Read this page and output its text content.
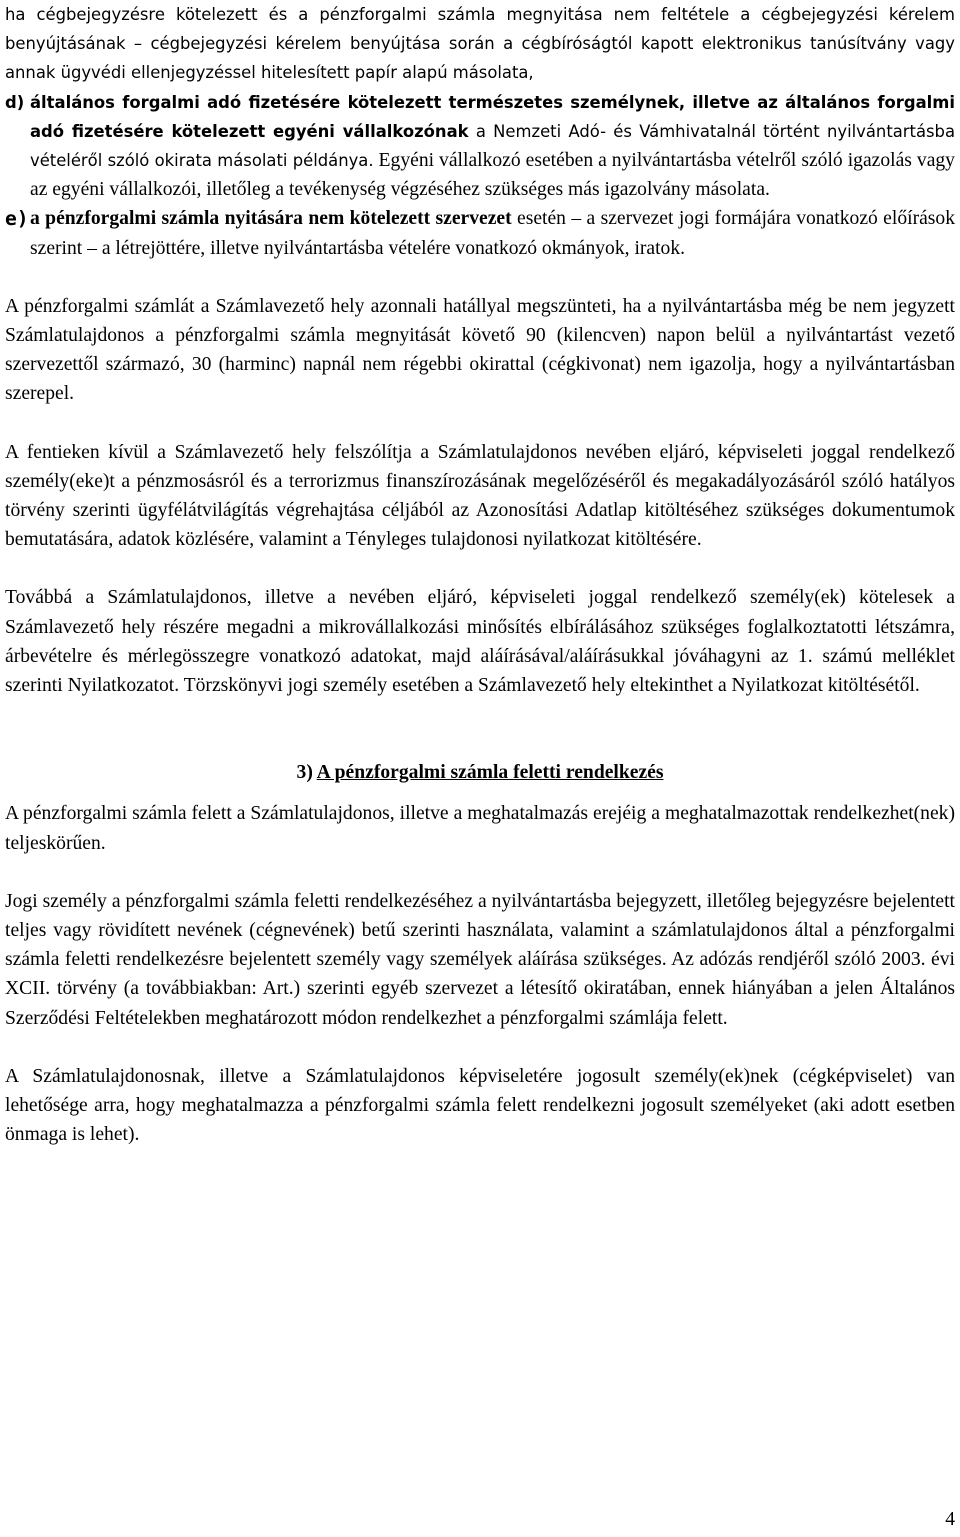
ha cégbejegyzésre kötelezett és a pénzforgalmi számla megnyitása nem feltétele a cégbejegyzési kérelem benyújtásának – cégbejegyzési kérelem benyújtása során a cégbíróságtól kapott elektronikus tanúsítvány vagy annak ügyvédi ellenjegyzéssel hitelesített papír alapú másolata,

d) általános forgalmi adó fizetésére kötelezett természetes személynek, illetve az általános forgalmi adó fizetésére kötelezett egyéni vállalkozónak a Nemzeti Adó- és Vámhivatalnál történt nyilvántartásba vételéről szóló okirata másolati példánya. Egyéni vállalkozó esetében a nyilvántartásba vételről szóló igazolás vagy az egyéni vállalkozói, illetőleg a tevékenység végzéséhez szükséges más igazolvány másolata.

e) a pénzforgalmi számla nyitására nem kötelezett szervezet esetén – a szervezet jogi formájára vonatkozó előírások szerint – a létrejöttére, illetve nyilvántartásba vételére vonatkozó okmányok, iratok.

A pénzforgalmi számlát a Számlavezető hely azonnali hatállyal megszünteti, ha a nyilvántartásba még be nem jegyzett Számlatulajdonos a pénzforgalmi számla megnyitását követő 90 (kilencven) napon belül a nyilvántartást vezető szervezettől származó, 30 (harminc) napnál nem régebbi okirattal (cégkivonat) nem igazolja, hogy a nyilvántartásban szerepel.

A fentieken kívül a Számlavezető hely felszólítja a Számlatulajdonos nevében eljáró, képviseleti joggal rendelkező személy(eke)t a pénzmosásról és a terrorizmus finanszírozásának megelőzéséről és megakadályozásáról szóló hatályos törvény szerinti ügyfélátvilágítás végrehajtása céljából az Azonosítási Adatlap kitöltéséhez szükséges dokumentumok bemutatására, adatok közlésére, valamint a Tényleges tulajdonosi nyilatkozat kitöltésére.

Továbbá a Számlatulajdonos, illetve a nevében eljáró, képviseleti joggal rendelkező személy(ek) kötelesek a Számlavezető hely részére megadni a mikrovállalkozási minősítés elbírálásához szükséges foglalkoztatotti létszámra, árbevételre és mérlegösszegre vonatkozó adatokat, majd aláírásával/aláírásukkal jóváhagyni az 1. számú melléklet szerinti Nyilatkozatot. Törzskönyvi jogi személy esetében a Számlavezető hely eltekinthet a Nyilatkozat kitöltésétől.

3) A pénzforgalmi számla feletti rendelkezés

A pénzforgalmi számla felett a Számlatulajdonos, illetve a meghatalmazás erejéig a meghatalmazottak rendelkezhet(nek) teljeskörűen.

Jogi személy a pénzforgalmi számla feletti rendelkezéséhez a nyilvántartásba bejegyzett, illetőleg bejegyzésre bejelentett teljes vagy rövidített nevének (cégnevének) betű szerinti használata, valamint a számlatulajdonos által a pénzforgalmi számla feletti rendelkezésre bejelentett személy vagy személyek aláírása szükséges. Az adózás rendjéről szóló 2003. évi XCII. törvény (a továbbiakban: Art.) szerinti egyéb szervezet a létesítő okiratában, ennek hiányában a jelen Általános Szerződési Feltételekben meghatározott módon rendelkezhet a pénzforgalmi számlája felett.

A Számlatulajdonosnak, illetve a Számlatulajdonos képviseletére jogosult személy(ek)nek (cégképviselet) van lehetősége arra, hogy meghatalmazza a pénzforgalmi számla felett rendelkezni jogosult személyeket (aki adott esetben önmaga is lehet).

4
